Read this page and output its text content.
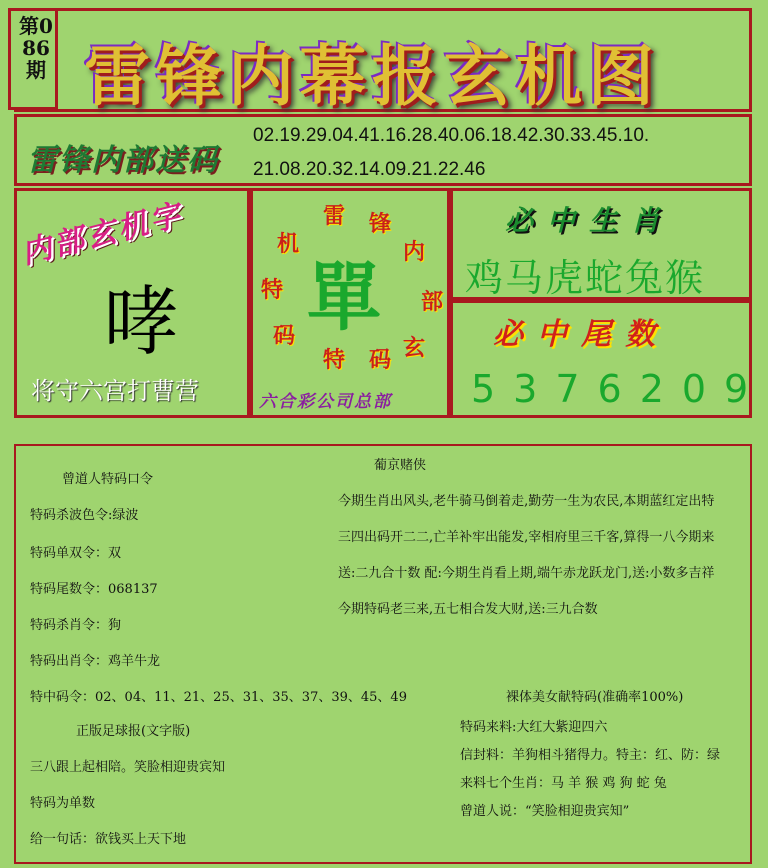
雷锋内幕报玄机图
第086期
雷锋内部送码
02.19.29.04.41.16.28.40.06.18.42.30.33.45.10.
21.08.20.32.14.09.21.22.46
内部玄机字
哮
将守六宫打曹营
雷 锋
内
部
玄
机
特
码
特 码
單
六合彩公司总部
必中生肖
鸡马虎蛇兔猴
必中尾数
5376209
曾道人特码口令
特码杀波色令:绿波
特码单双令：双
特码尾数令：068137
特码杀肖令：狗
特码出肖令：鸡羊牛龙
特中码令：02、04、11、21、25、31、35、37、39、45、49
正版足球报(文字版)
三八跟上起相陪。笑脸相迎贵宾知
特码为单数
给一句话：欲钱买上天下地
葡京赌侠
今期生肖出风头,老牛骑马倒着走,勤劳一生为农民,本期蓝红定出特
三四出码开二二,亡羊补牢出能发,宰相府里三千客,算得一八今期来
送:二九合十数 配:今期生肖看上期,端午赤龙跃龙门,送:小数多吉祥
今期特码老三来,五七相合发大财,送:三九合数
裸体美女献特码(准确率100%)
特码来料:大红大紫迎四六
信封料：羊狗相斗猪得力。特主：红、防：绿
来料七个生肖：马 羊 猴 鸡 狗 蛇 兔
曾道人说：“笑脸相迎贵宾知”
